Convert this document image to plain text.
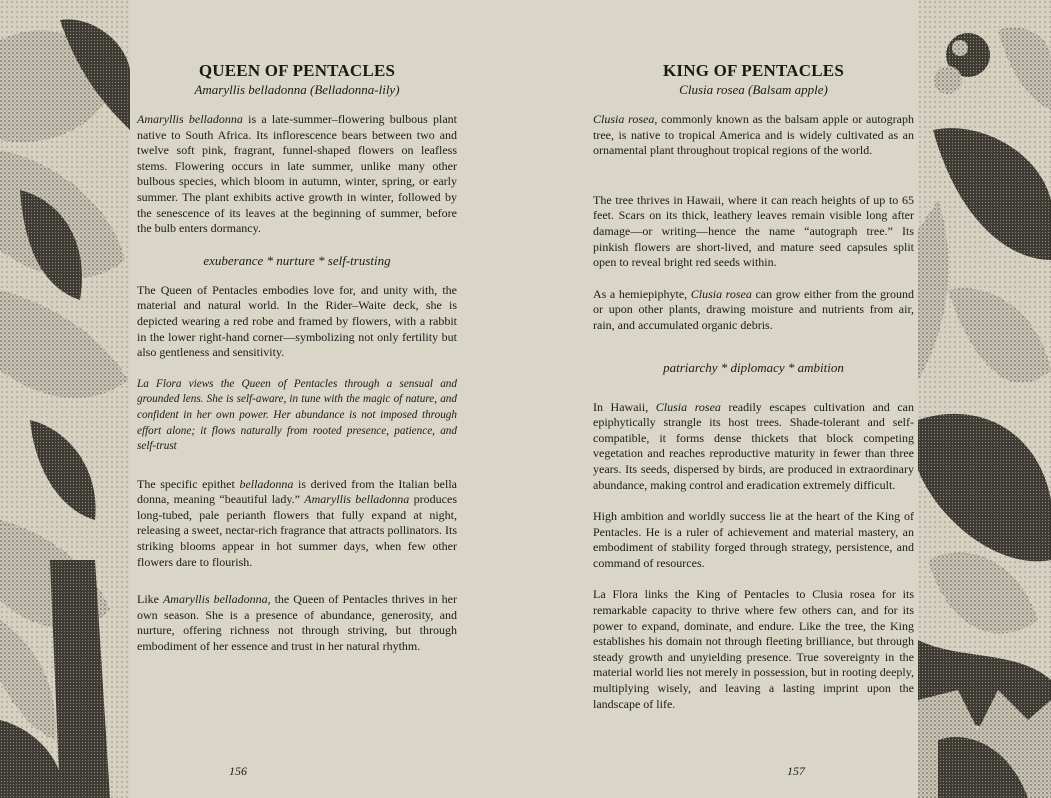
QUEEN OF PENTACLES
Amaryllis belladonna (Belladonna-lily)

Amaryllis belladonna is a late-summer–flowering bulbous plant native to South Africa. Its inflorescence bears between two and twelve soft pink, fragrant, funnel-shaped flowers on leafless stems. Flowering occurs in late summer, unlike many other bulbous species, which bloom in autumn, winter, spring, or early summer. The plant exhibits active growth in winter, followed by the senescence of its leaves at the beginning of summer, before the bulb enters dormancy.

exuberance * nurture * self-trusting

The Queen of Pentacles embodies love for, and unity with, the material and natural world. In the Rider–Waite deck, she is depicted wearing a red robe and framed by flowers, with a rabbit in the lower right-hand corner—symbolizing not only fertility but also gentleness and sensitivity.

La Flora views the Queen of Pentacles through a sensual and grounded lens. She is self-aware, in tune with the magic of nature, and confident in her own power. Her abundance is not imposed through effort alone; it flows naturally from rooted presence, patience, and self-trust

The specific epithet belladonna is derived from the Italian bella donna, meaning “beautiful lady.” Amaryllis belladonna produces long-tubed, pale perianth flowers that fully expand at night, releasing a sweet, nectar-rich fragrance that attracts pollinators. Its striking blooms appear in hot summer days, when few other flowers dare to flourish.

Like Amaryllis belladonna, the Queen of Pentacles thrives in her own season. She is a presence of abundance, generosity, and nurture, offering richness not through striving, but through embodiment of her essence and trust in her natural rhythm.

156
KING OF PENTACLES
Clusia rosea (Balsam apple)

Clusia rosea, commonly known as the balsam apple or autograph tree, is native to tropical America and is widely cultivated as an ornamental plant throughout tropical regions of the world.

The tree thrives in Hawaii, where it can reach heights of up to 65 feet. Scars on its thick, leathery leaves remain visible long after damage—or writing—hence the name “autograph tree.” Its pinkish flowers are short-lived, and mature seed capsules split open to reveal bright red seeds within.

As a hemiepiphyte, Clusia rosea can grow either from the ground or upon other plants, drawing moisture and nutrients from air, rain, and accumulated organic debris.

patriarchy * diplomacy * ambition

In Hawaii, Clusia rosea readily escapes cultivation and can epiphytically strangle its host trees. Shade-tolerant and self-compatible, it forms dense thickets that block competing vegetation and reaches reproductive maturity in fewer than three years. Its seeds, dispersed by birds, are produced in extraordinary abundance, making control and eradication extremely difficult.

High ambition and worldly success lie at the heart of the King of Pentacles. He is a ruler of achievement and material mastery, an embodiment of stability forged through strategy, persistence, and command of resources.

La Flora links the King of Pentacles to Clusia rosea for its remarkable capacity to thrive where few others can, and for its power to expand, dominate, and endure. Like the tree, the King establishes his domain not through fleeting brilliance, but through steady growth and unyielding presence. True sovereignty in the material world lies not merely in possession, but in rooting deeply, multiplying wisely, and leaving a lasting imprint upon the landscape of life.

157
